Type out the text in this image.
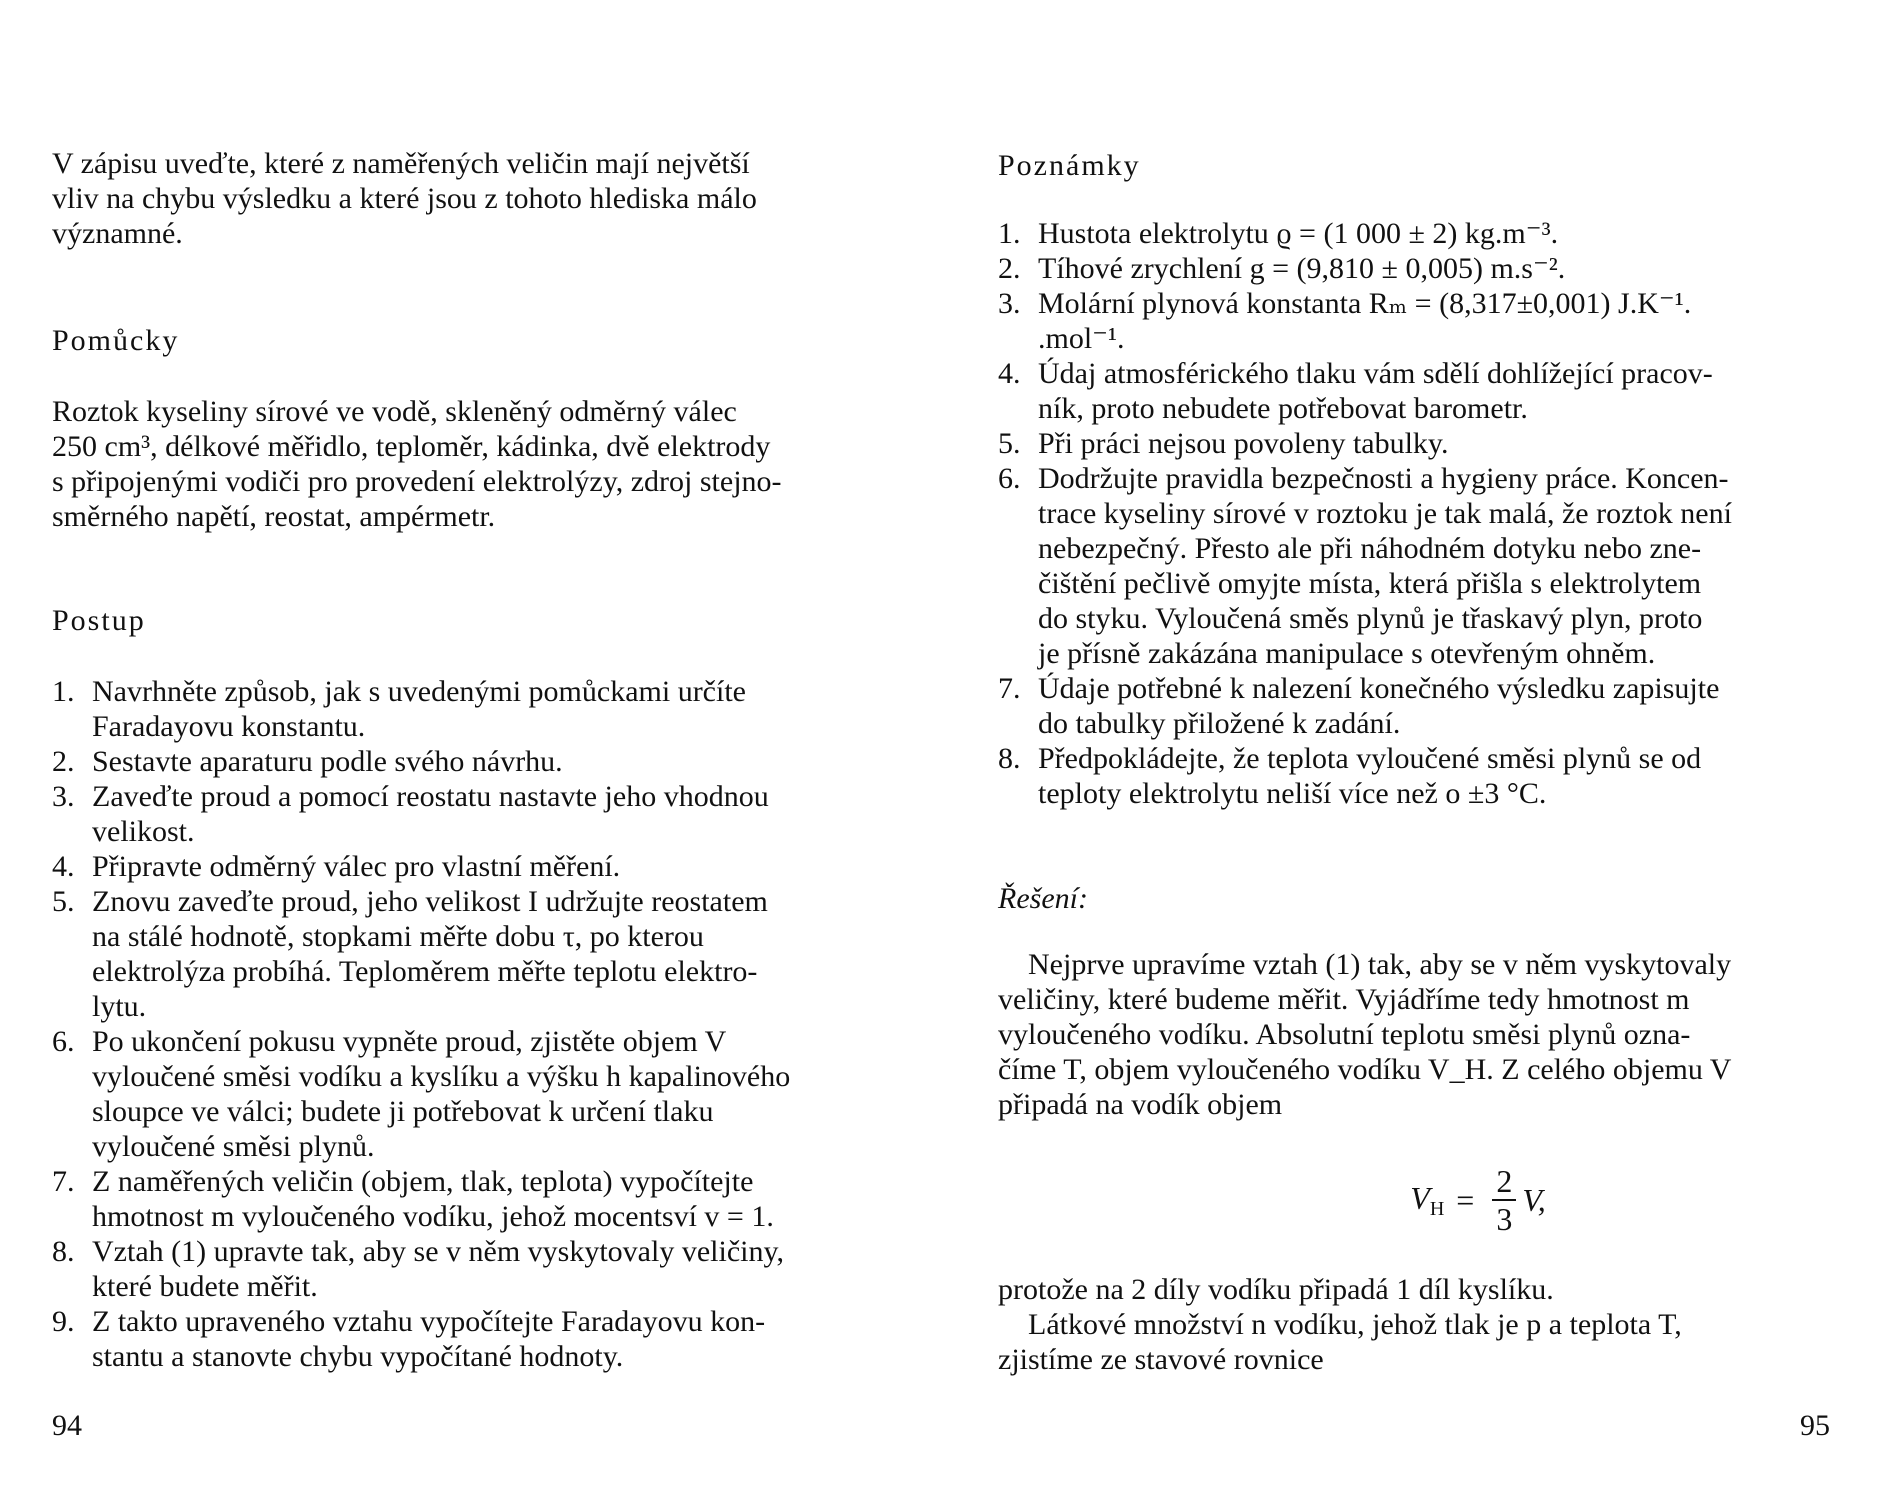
V zápisu uveďte, které z naměřených veličin mají největší

vliv na chybu výsledku a které jsou z tohoto hlediska málo

významné.

Pomůcky

Roztok kyseliny sírové ve vodě, skleněný odměrný válec

250 cm³, délkové měřidlo, teploměr, kádinka, dvě elektrody

s připojenými vodiči pro provedení elektrolýzy, zdroj stejno-

směrného napětí, reostat, ampérmetr.

Postup

1. Navrhněte způsob, jak s uvedenými pomůckami určíte
Faradayovu konstantu.
2. Sestavte aparaturu podle svého návrhu.
3. Zaveďte proud a pomocí reostatu nastavte jeho vhodnou
velikost.
4. Připravte odměrný válec pro vlastní měření.
5. Znovu zaveďte proud, jeho velikost I udržujte reostatem
na stálé hodnotě, stopkami měřte dobu τ, po kterou
elektrolýza probíhá. Teploměrem měřte teplotu elektro-
lytu.
6. Po ukončení pokusu vypněte proud, zjistěte objem V
vyloučené směsi vodíku a kyslíku a výšku h kapalinového
sloupce ve válci; budete ji potřebovat k určení tlaku
vyloučené směsi plynů.
7. Z naměřených veličin (objem, tlak, teplota) vypočítejte
hmotnost m vyloučeného vodíku, jehož mocentsví v = 1.
8. Vztah (1) upravte tak, aby se v něm vyskytovaly veličiny,
které budete měřit.
9. Z takto upraveného vztahu vypočítejte Faradayovu kon-
stantu a stanovte chybu vypočítané hodnoty.
94

Poznámky

1. Hustota elektrolytu ϱ = (1 000 ± 2) kg.m⁻³.
2. Tíhové zrychlení g = (9,810 ± 0,005) m.s⁻².
3. Molární plynová konstanta Rₘ = (8,317±0,001) J.K⁻¹.
.mol⁻¹.
4. Údaj atmosférického tlaku vám sdělí dohlížející pracov-
ník, proto nebudete potřebovat barometr.
5. Při práci nejsou povoleny tabulky.
6. Dodržujte pravidla bezpečnosti a hygieny práce. Koncen-
trace kyseliny sírové v roztoku je tak malá, že roztok není
nebezpečný. Přesto ale při náhodném dotyku nebo zne-
čištění pečlivě omyjte místa, která přišla s elektrolytem
do styku. Vyloučená směs plynů je třaskavý plyn, proto
je přísně zakázána manipulace s otevřeným ohněm.
7. Údaje potřebné k nalezení konečného výsledku zapisujte
do tabulky přiložené k zadání.
8. Předpokládejte, že teplota vyloučené směsi plynů se od
teploty elektrolytu neliší více než o ±3 °C.

Řešení:

Nejprve upravíme vztah (1) tak, aby se v něm vyskytovaly

veličiny, které budeme měřit. Vyjádříme tedy hmotnost m

vyloučeného vodíku. Absolutní teplotu směsi plynů ozna-

číme T, objem vyloučeného vodíku V_H. Z celého objemu V

připadá na vodík objem

$V_H = \frac{2}{3} V$,

protože na 2 díly vodíku připadá 1 díl kyslíku.

Látkové množství n vodíku, jehož tlak je p a teplota T,

zjistíme ze stavové rovnice

95
